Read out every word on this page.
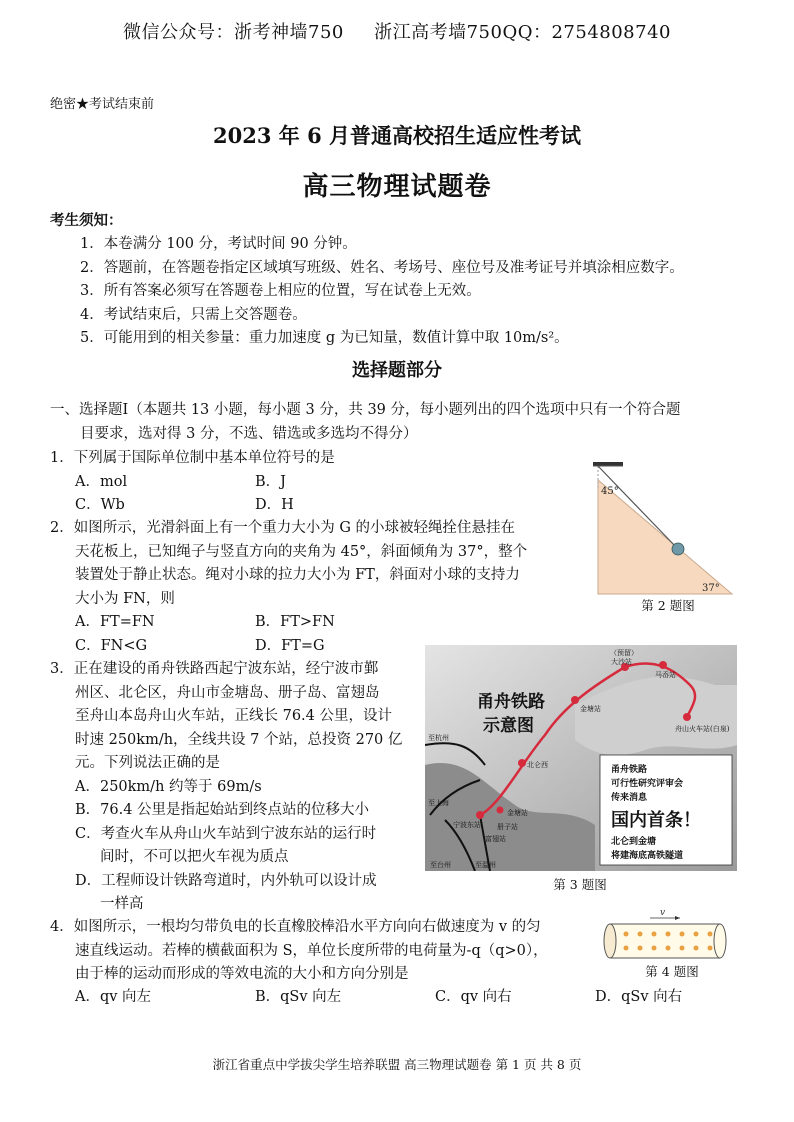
微信公众号：浙考神墙750 浙江高考墙750QQ：2754808740
绝密★考试结束前
2023 年 6 月普通高校招生适应性考试
高三物理试题卷
考生须知：
1．本卷满分 100 分，考试时间 90 分钟。
2．答题前，在答题卷指定区域填写班级、姓名、考场号、座位号及准考证号并填涂相应数字。
3．所有答案必须写在答题卷上相应的位置，写在试卷上无效。
4．考试结束后，只需上交答题卷。
5．可能用到的相关参量：重力加速度 g 为已知量，数值计算中取 10m/s²。
选择题部分
一、选择题Ⅰ（本题共 13 小题，每小题 3 分，共 39 分，每小题列出的四个选项中只有一个符合题
目要求，选对得 3 分，不选、错选或多选均不得分）
1．下列属于国际单位制中基本单位符号的是
A．mol	B．J
C．Wb	D．H
2．如图所示，光滑斜面上有一个重力大小为 G 的小球被轻绳拴住悬挂在
天花板上，已知绳子与竖直方向的夹角为 45°，斜面倾角为 37°，整个
装置处于静止状态。绳对小球的拉力大小为 FT，斜面对小球的支持力
大小为 FN，则
A．FT=FN	B．FT>FN
C．FN<G	D．FT=G
45°
37°
第 2 题图
3．正在建设的甬舟铁路西起宁波东站，经宁波市鄞
州区、北仑区，舟山市金塘岛、册子岛、富翅岛
至舟山本岛舟山火车站，正线长 76.4 公里，设计
时速 250km/h，全线共设 7 个站，总投资 270 亿
元。下列说法正确的是
A．250km/h 约等于 69m/s
B．76.4 公里是指起始站到终点站的位移大小
C．考查火车从舟山火车站到宁波东站的运行时
间时，不可以把火车视为质点
D．工程师设计铁路弯道时，内外轨可以设计成
一样高
甬舟铁路
示意图
（预留）
大沙站
马岙站
舟山火车站(白泉)
金塘站
北仑西
宁波东站
金塘站
册子站
富翅站
至杭州
至上海
至温州
至台州
甬舟铁路
可行性研究评审会
传来消息
国内首条！
北仑到金塘
将建海底高铁隧道
第 3 题图
4．如图所示，一根均匀带负电的长直橡胶棒沿水平方向向右做速度为 v 的匀
速直线运动。若棒的横截面积为 S，单位长度所带的电荷量为-q（q>0），
由于棒的运动而形成的等效电流的大小和方向分别是
A．qv 向左	B．qSv 向左	C．qv 向右	D．qSv 向右
v
第 4 题图
浙江省重点中学拔尖学生培养联盟 高三物理试题卷 第 1 页 共 8 页
